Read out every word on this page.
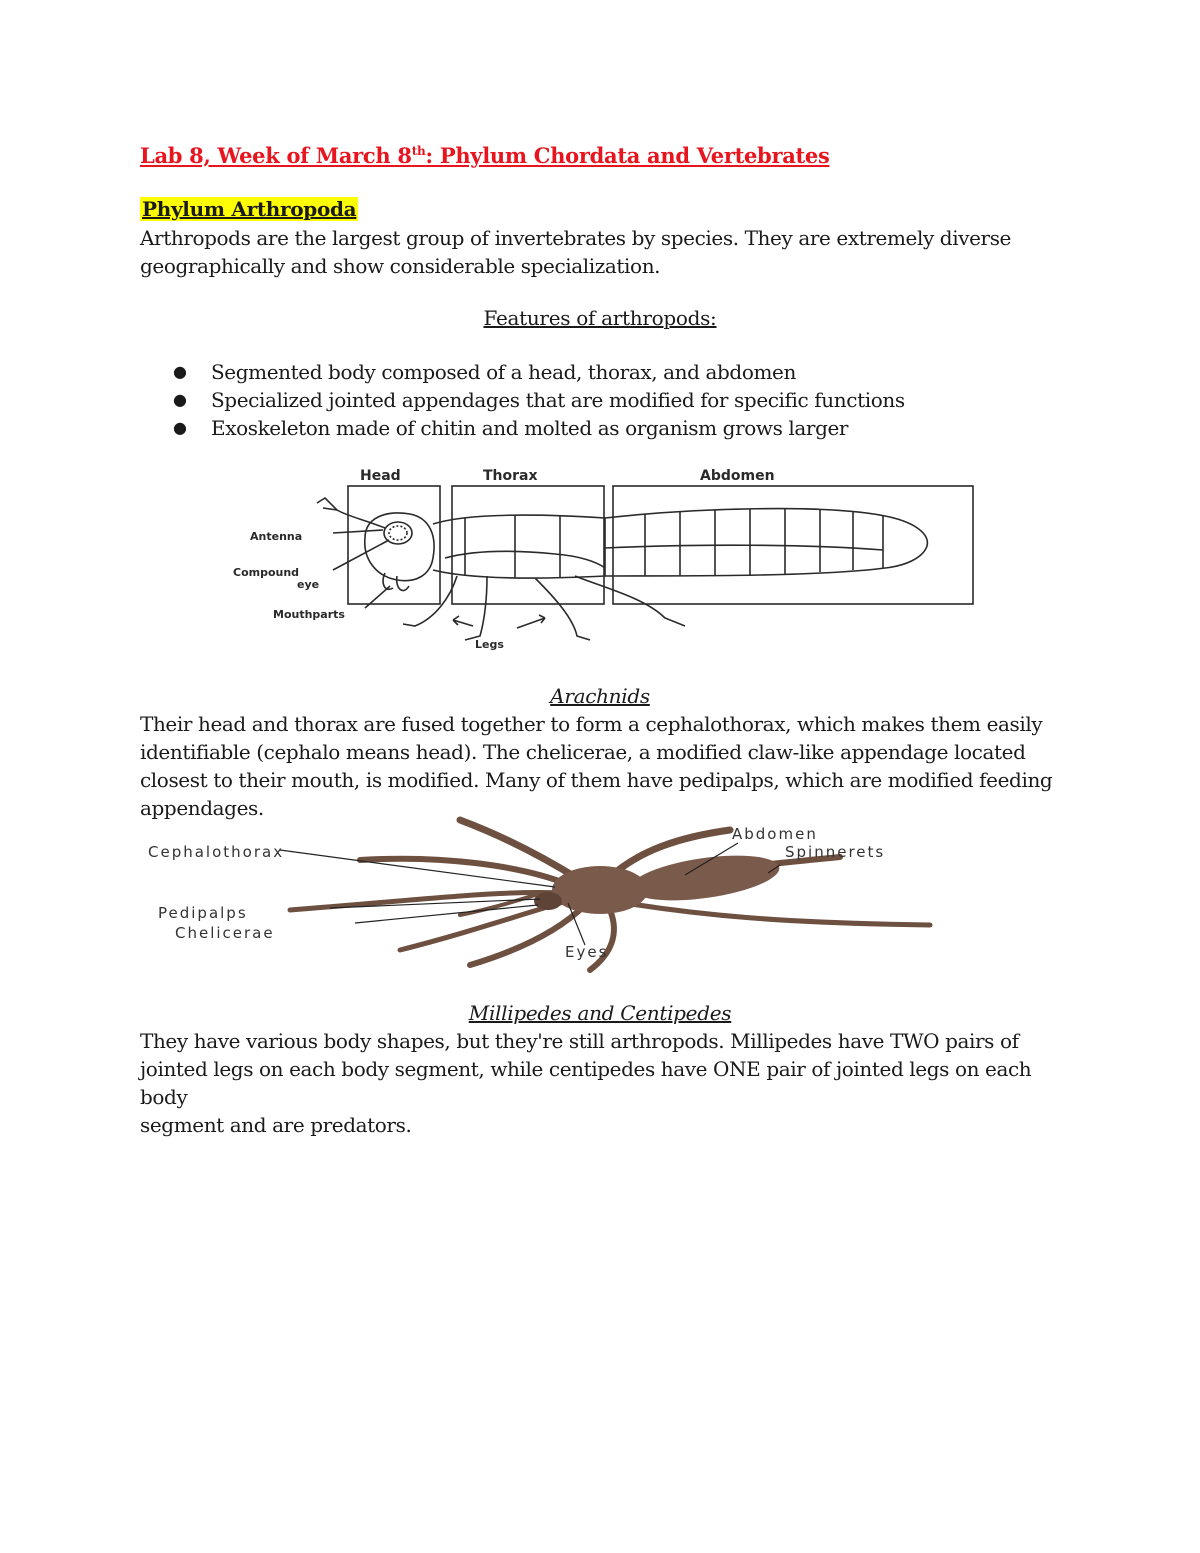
Lab 8, Week of March 8th: Phylum Chordata and Vertebrates
Phylum Arthropoda
Arthropods are the largest group of invertebrates by species. They are extremely diverse
geographically and show considerable specialization.
Features of arthropods:
● Segmented body composed of a head, thorax, and abdomen
● Specialized jointed appendages that are modified for specific functions
● Exoskeleton made of chitin and molted as organism grows larger
Head	Thorax	Abdomen
Antenna
Compound
eye
Mouthparts
Legs
Arachnids
Their head and thorax are fused together to form a cephalothorax, which makes them easily
identifiable (cephalo means head). The chelicerae, a modified claw-like appendage located
closest to their mouth, is modified. Many of them have pedipalps, which are modified feeding
appendages.
Cephalothorax
Pedipalps
Chelicerae
Eyes
Abdomen
Spinnerets
Millipedes and Centipedes
They have various body shapes, but they're still arthropods. Millipedes have TWO pairs of
jointed legs on each body segment, while centipedes have ONE pair of jointed legs on each body
segment and are predators.
